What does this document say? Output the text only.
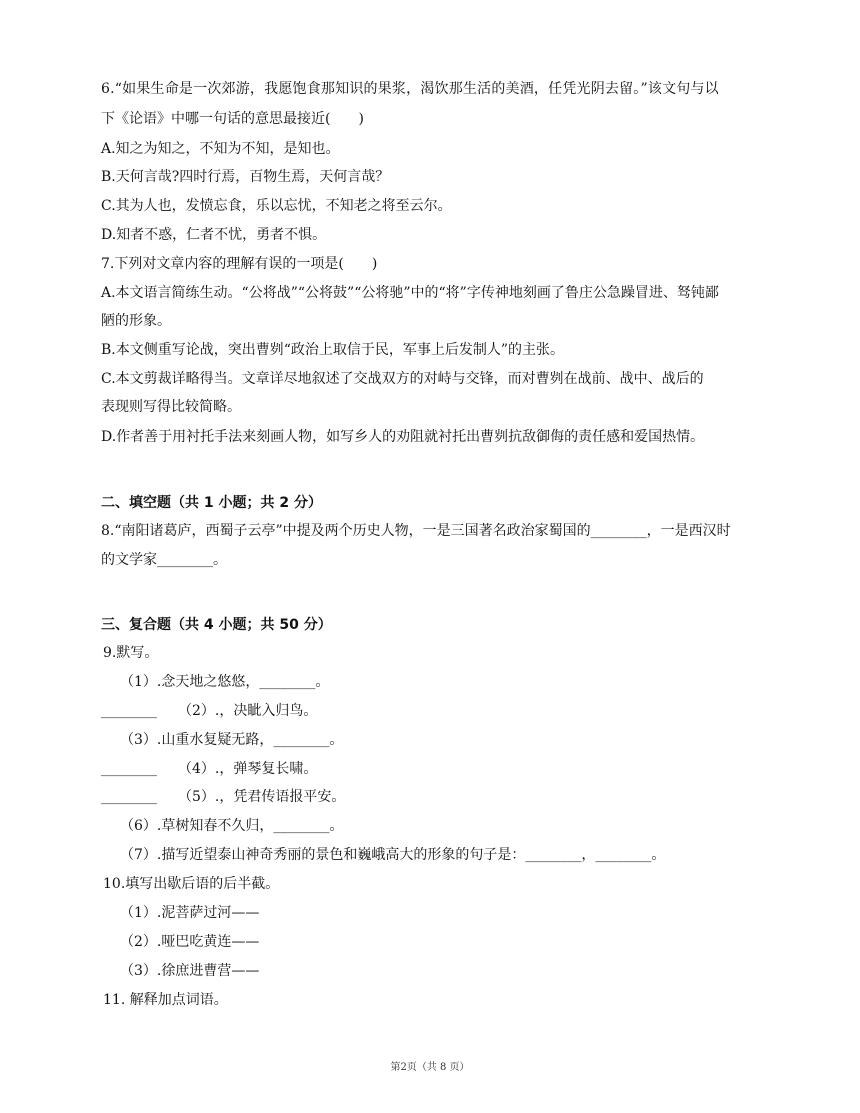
6.“如果生命是一次郊游，我愿饱食那知识的果浆，渴饮那生活的美酒，任凭光阴去留。”该文句与以
下《论语》中哪一句话的意思最接近(　　)
A.知之为知之，不知为不知，是知也。
B.天何言哉?四时行焉，百物生焉，天何言哉？
C.其为人也，发愤忘食，乐以忘忧，不知老之将至云尔。
D.知者不惑，仁者不忧，勇者不惧。
7.下列对文章内容的理解有误的一项是(　　)
A.本文语言简练生动。“公将战”“公将鼓”“公将驰”中的“将”字传神地刻画了鲁庄公急躁冒进、驽钝鄙
陋的形象。
B.本文侧重写论战，突出曹刿“政治上取信于民，军事上后发制人”的主张。
C.本文剪裁详略得当。文章详尽地叙述了交战双方的对峙与交锋，而对曹刿在战前、战中、战后的
表现则写得比较简略。
D.作者善于用衬托手法来刻画人物，如写乡人的劝阻就衬托出曹刿抗敌御侮的责任感和爱国热情。
二、填空题（共 1 小题；共 2 分）
8.“南阳诸葛庐，西蜀子云亭”中提及两个历史人物，一是三国著名政治家蜀国的________，一是西汉时
的文学家________。
三、复合题（共 4 小题；共 50 分）
9.默写。
（1）.念天地之悠悠，________。
________　　（2）.，决眦入归鸟。
（3）.山重水复疑无路，________。
________　　（4）.，弹琴复长啸。
________　　（5）.，凭君传语报平安。
（6）.草树知春不久归，________。
（7）.描写近望泰山神奇秀丽的景色和巍峨高大的形象的句子是：________，________。
10.填写出歇后语的后半截。
（1）.泥菩萨过河——
（2）.哑巴吃黄连——
（3）.徐庶进曹营——
11. 解释加点词语。
第2页（共 8 页）
